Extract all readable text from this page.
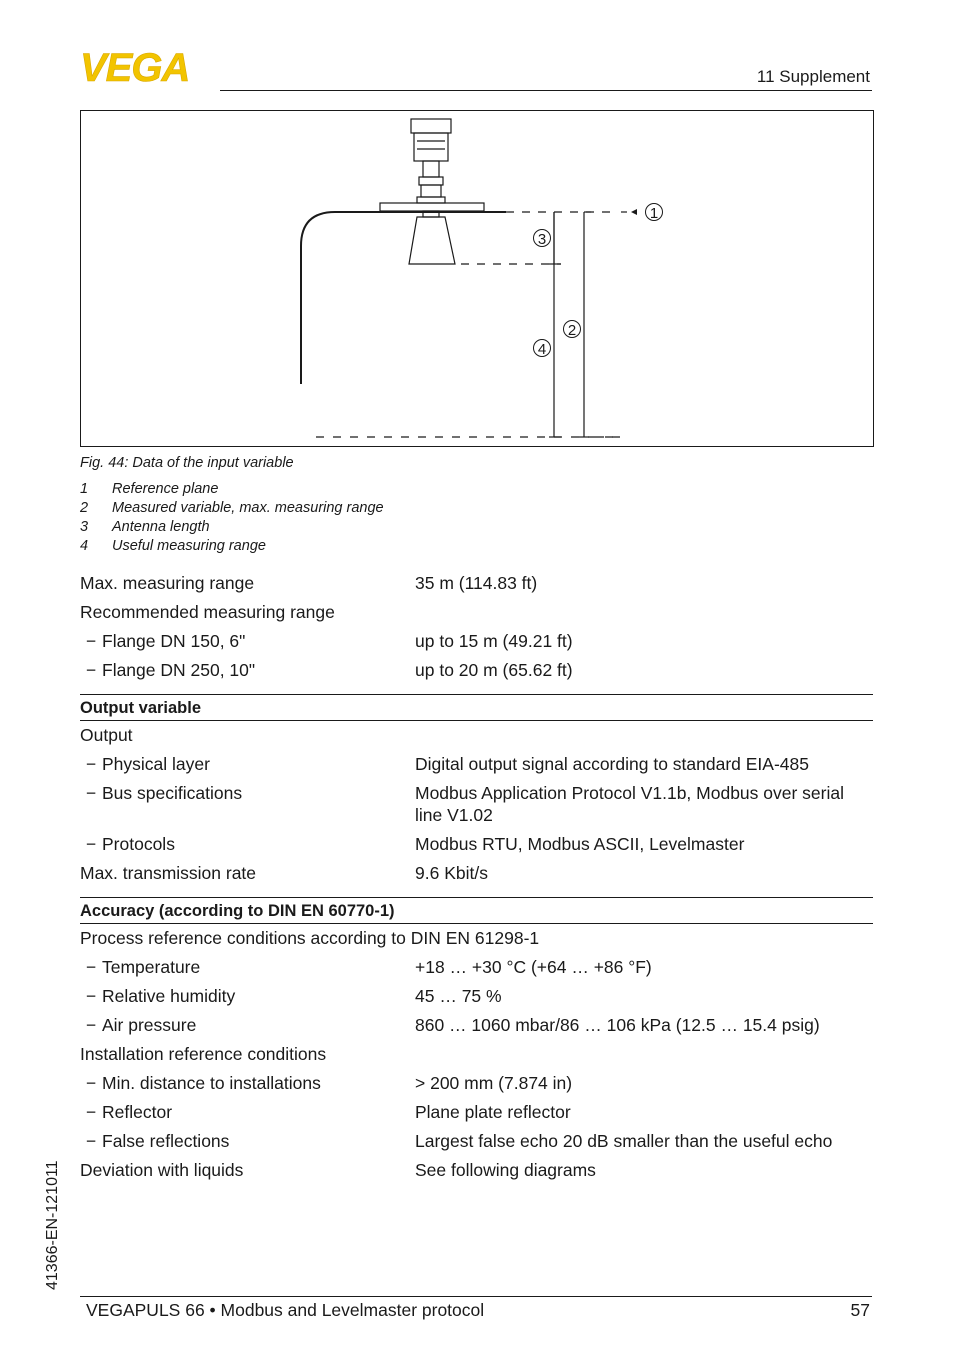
VEGA	11 Supplement
1
3
2
4
Fig. 44: Data of the input variable
1	Reference plane
2	Measured variable, max. measuring range
3	Antenna length
4	Useful measuring range
Max. measuring range	35 m (114.83 ft)
Recommended measuring range
− Flange DN 150, 6"	up to 15 m (49.21 ft)
− Flange DN 250, 10"	up to 20 m (65.62 ft)
Output variable
Output
− Physical layer	Digital output signal according to standard EIA-485
− Bus specifications	Modbus Application Protocol V1.1b, Modbus over serial line V1.02
− Protocols	Modbus RTU, Modbus ASCII, Levelmaster
Max. transmission rate	9.6 Kbit/s
Accuracy (according to DIN EN 60770-1)
Process reference conditions according to DIN EN 61298-1
− Temperature	+18 … +30 °C (+64 … +86 °F)
− Relative humidity	45 … 75 %
− Air pressure	860 … 1060 mbar/86 … 106 kPa (12.5 … 15.4 psig)
Installation reference conditions
− Min. distance to installations	> 200 mm (7.874 in)
− Reflector	Plane plate reflector
− False reflections	Largest false echo 20 dB smaller than the useful echo
Deviation with liquids	See following diagrams
41366-EN-121011
VEGAPULS 66 • Modbus and Levelmaster protocol	57
